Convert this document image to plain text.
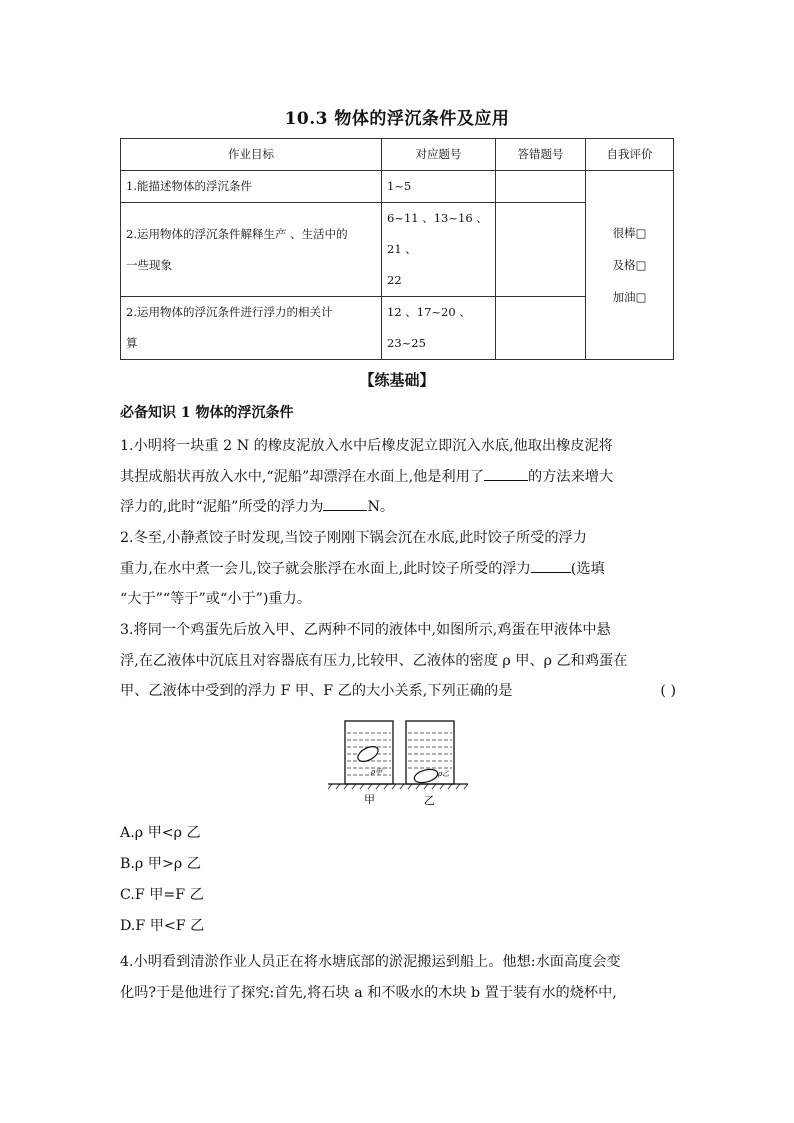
10.3 物体的浮沉条件及应用
作业目标	对应题号	答错题号	自我评价
1.能描述物体的浮沉条件	1~5		很棒□
及格□
加油□

2.运用物体的浮沉条件解释生产 、生活中的
一些现象	6~11 、13~16 、21 、
22		
2.运用物体的浮沉条件进行浮力的相关计
算	12 、17~20 、23~25		
【练基础】
必备知识 1 物体的浮沉条件
1.小明将一块重 2 N 的橡皮泥放入水中后橡皮泥立即沉入水底,他取出橡皮泥将
其捏成船状再放入水中,“泥船”却漂浮在水面上,他是利用了	的方法来增大
浮力的,此时“泥船”所受的浮力为	N。
2.冬至,小静煮饺子时发现,当饺子刚刚下锅会沉在水底,此时饺子所受的浮力
重力,在水中煮一会儿,饺子就会胀浮在水面上,此时饺子所受的浮力	(选填
“大于”“等于”或“小于”)重力。
3.将同一个鸡蛋先后放入甲、乙两种不同的液体中,如图所示,鸡蛋在甲液体中悬
浮,在乙液体中沉底且对容器底有压力,比较甲、乙液体的密度 ρ 甲、ρ 乙和鸡蛋在
甲、乙液体中受到的浮力 F 甲、F 乙的大小关系,下列正确的是	( )
ρ甲	ρ乙
甲	乙
A.ρ 甲<ρ 乙
B.ρ 甲>ρ 乙
C.F 甲=F 乙
D.F 甲<F 乙
4.小明看到清淤作业人员正在将水塘底部的淤泥搬运到船上。他想:水面高度会变
化吗?于是他进行了探究:首先,将石块 a 和不吸水的木块 b 置于装有水的烧杯中,
